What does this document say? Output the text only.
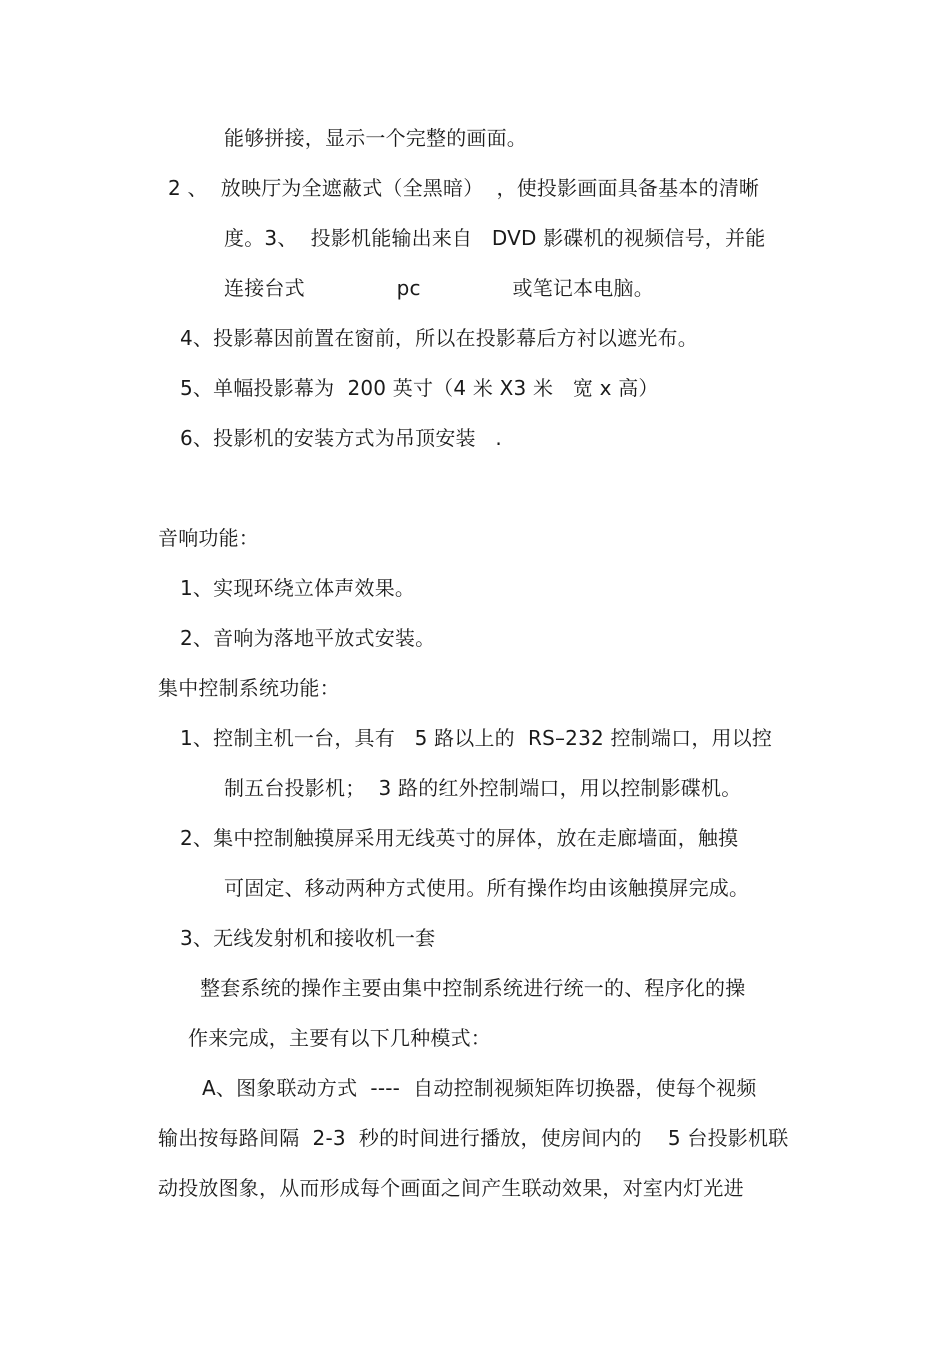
能够拼接，显示一个完整的画面。
2 、  放映厅为全遮蔽式（全黑暗）  ，使投影画面具备基本的清晰
度。3、  投影机能输出来自   DVD 影碟机的视频信号，并能
连接台式              pc              或笔记本电脑。
4、投影幕因前置在窗前，所以在投影幕后方衬以遮光布。
5、单幅投影幕为  200 英寸（4 米 X3 米   宽 x 高）
6、投影机的安装方式为吊顶安装   .
音响功能：
1、实现环绕立体声效果。
2、音响为落地平放式安装。
集中控制系统功能：
1、控制主机一台，具有   5 路以上的  RS–232 控制端口，用以控
制五台投影机；  3 路的红外控制端口，用以控制影碟机。
2、集中控制触摸屏采用无线英寸的屏体，放在走廊墙面，触摸
可固定、移动两种方式使用。所有操作均由该触摸屏完成。
3、无线发射机和接收机一套
整套系统的操作主要由集中控制系统进行统一的、程序化的操
作来完成，主要有以下几种模式：
A、图象联动方式  ----  自动控制视频矩阵切换器，使每个视频
输出按每路间隔  2-3  秒的时间进行播放，使房间内的    5 台投影机联
动投放图象，从而形成每个画面之间产生联动效果，对室内灯光进
